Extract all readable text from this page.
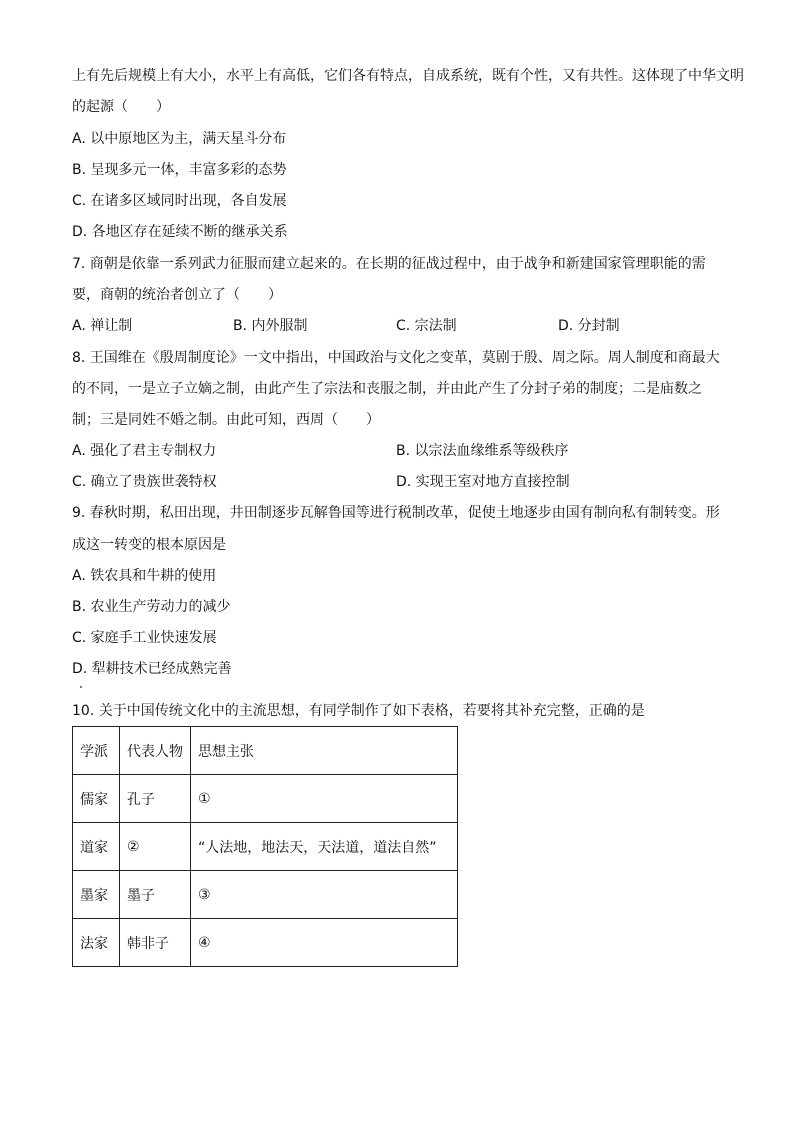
上有先后规模上有大小，水平上有高低，它们各有特点，自成系统，既有个性，又有共性。这体现了中华文明
的起源（　　）
A. 以中原地区为主，满天星斗分布
B. 呈现多元一体，丰富多彩的态势
C. 在诸多区域同时出现，各自发展
D. 各地区存在延续不断的继承关系
7. 商朝是依靠一系列武力征服而建立起来的。在长期的征战过程中，由于战争和新建国家管理职能的需
要，商朝的统治者创立了（　　）
A. 禅让制	B. 内外服制	C. 宗法制	D. 分封制
8. 王国维在《殷周制度论》一文中指出，中国政治与文化之变革，莫剧于殷、周之际。周人制度和商最大
的不同，一是立子立嫡之制，由此产生了宗法和丧服之制，并由此产生了分封子弟的制度；二是庙数之
制；三是同姓不婚之制。由此可知，西周（　　）
A. 强化了君主专制权力	B. 以宗法血缘维系等级秩序
C. 确立了贵族世袭特权	D. 实现王室对地方直接控制
9. 春秋时期，私田出现，井田制逐步瓦解鲁国等进行税制改革，促使土地逐步由国有制向私有制转变。形
成这一转变的根本原因是
A. 铁农具和牛耕的使用
B. 农业生产劳动力的减少
C. 家庭手工业快速发展
D. 犁耕技术已经成熟完善
10. 关于中国传统文化中的主流思想，有同学制作了如下表格，若要将其补充完整，正确的是
学派	代表人物	思想主张
儒家	孔子	①
道家	②	“人法地，地法天，天法道，道法自然”
墨家	墨子	③
法家	韩非子	④
